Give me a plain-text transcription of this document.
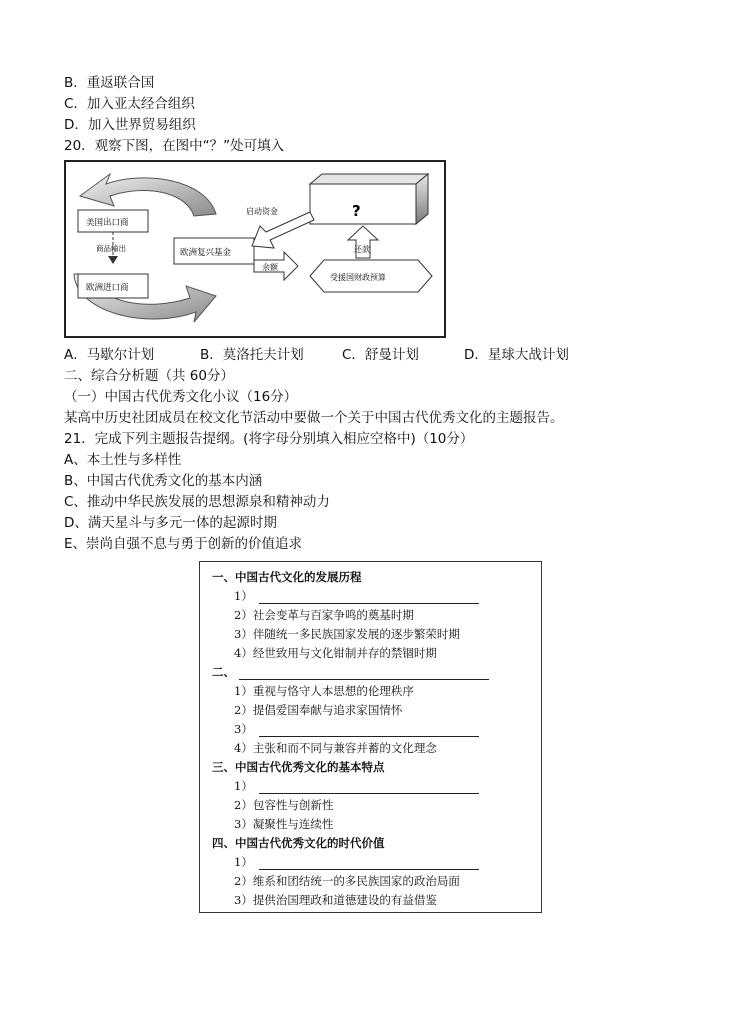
B．重返联合国
C．加入亚太经合组织
D．加入世界贸易组织
20．观察下图，在图中“？”处可填入
美国出口商
商品输出
欧洲进口商
欧洲复兴基金
启动资金	?
还款
余额
受援国财政预算
A．马歇尔计划	B．莫洛托夫计划	C．舒曼计划	D．星球大战计划
二、综合分析题（共 60分）
（一）中国古代优秀文化小议（16分）
某高中历史社团成员在校文化节活动中要做一个关于中国古代优秀文化的主题报告。
21．完成下列主题报告提纲。(将字母分别填入相应空格中)（10分）
A、本土性与多样性
B、中国古代优秀文化的基本内涵
C、推动中华民族发展的思想源泉和精神动力
D、满天星斗与多元一体的起源时期
E、崇尚自强不息与勇于创新的价值追求
一、中国古代文化的发展历程
1）
2）社会变革与百家争鸣的奠基时期
3）伴随统一多民族国家发展的逐步繁荣时期
4）经世致用与文化钳制并存的禁锢时期
二、
1）重视与恪守人本思想的伦理秩序
2）提倡爱国奉献与追求家国情怀
3）
4）主张和而不同与兼容并蓄的文化理念
三、中国古代优秀文化的基本特点
1）
2）包容性与创新性
3）凝聚性与连续性
四、中国古代优秀文化的时代价值
1）
2）维系和团结统一的多民族国家的政治局面
3）提供治国理政和道德建设的有益借鉴
